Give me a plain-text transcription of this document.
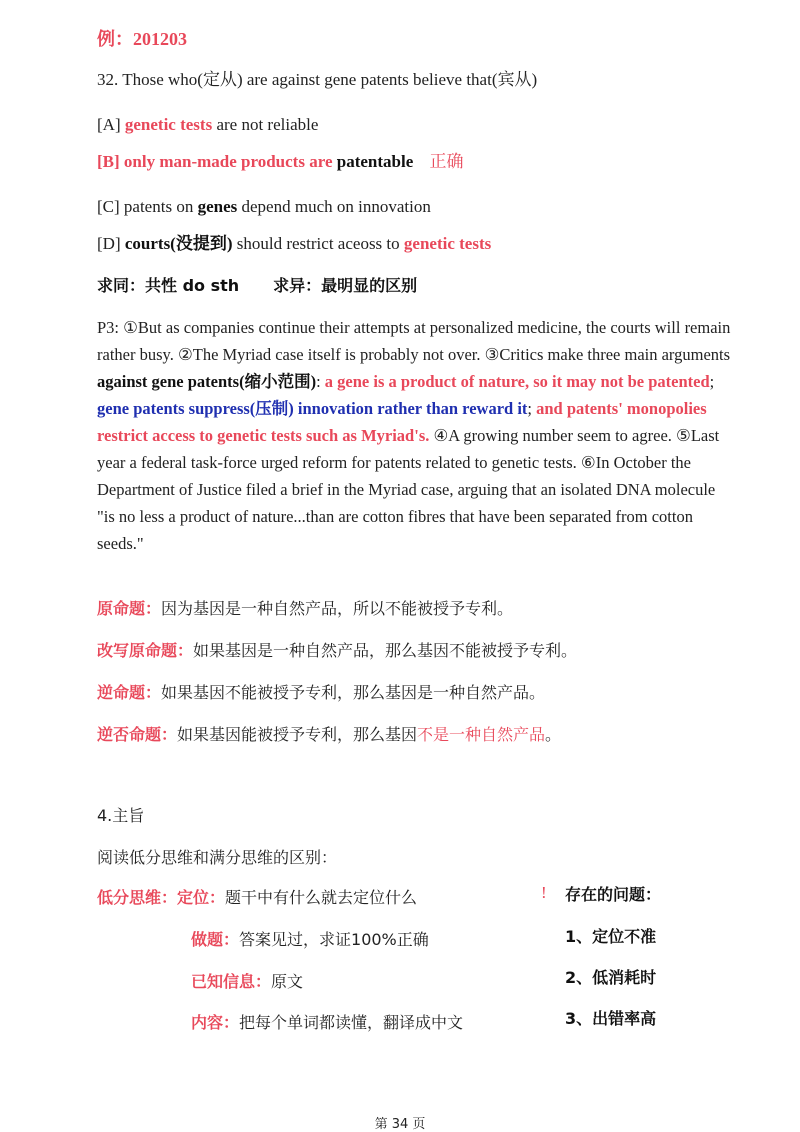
例：201203
32. Those who(定从) are against gene patents believe that(宾从)
[A] genetic tests are not reliable
[B] only man-made products are patentable 正确
[C] patents on genes depend much on innovation
[D] courts(没提到) should restrict aceoss to genetic tests
求同：共性 do sth 求异：最明显的区别
P3: ①But as companies continue their attempts at personalized medicine, the courts will remain rather busy. ②The Myriad case itself is probably not over. ③Critics make three main arguments against gene patents(缩小范围): a gene is a product of nature, so it may not be patented; gene patents suppress(压制) innovation rather than reward it; and patents' monopolies restrict access to genetic tests such as Myriad's. ④A growing number seem to agree. ⑤Last year a federal task-force urged reform for patents related to genetic tests. ⑥In October the Department of Justice filed a brief in the Myriad case, arguing that an isolated DNA molecule "is no less a product of nature...than are cotton fibres that have been separated from cotton seeds."
原命题：因为基因是一种自然产品，所以不能被授予专利。
改写原命题：如果基因是一种自然产品，那么基因不能被授予专利。
逆命题：如果基因不能被授予专利，那么基因是一种自然产品。
逆否命题：如果基因能被授予专利，那么基因不是一种自然产品。
4.主旨
阅读低分思维和满分思维的区别：
低分思维：定位：题干中有什么就去定位什么
做题：答案见过，求证100%正确
已知信息：原文
内容：把每个单词都读懂，翻译成中文
! 存在的问题：
1、定位不准
2、低消耗时
3、出错率高
第 34 页
